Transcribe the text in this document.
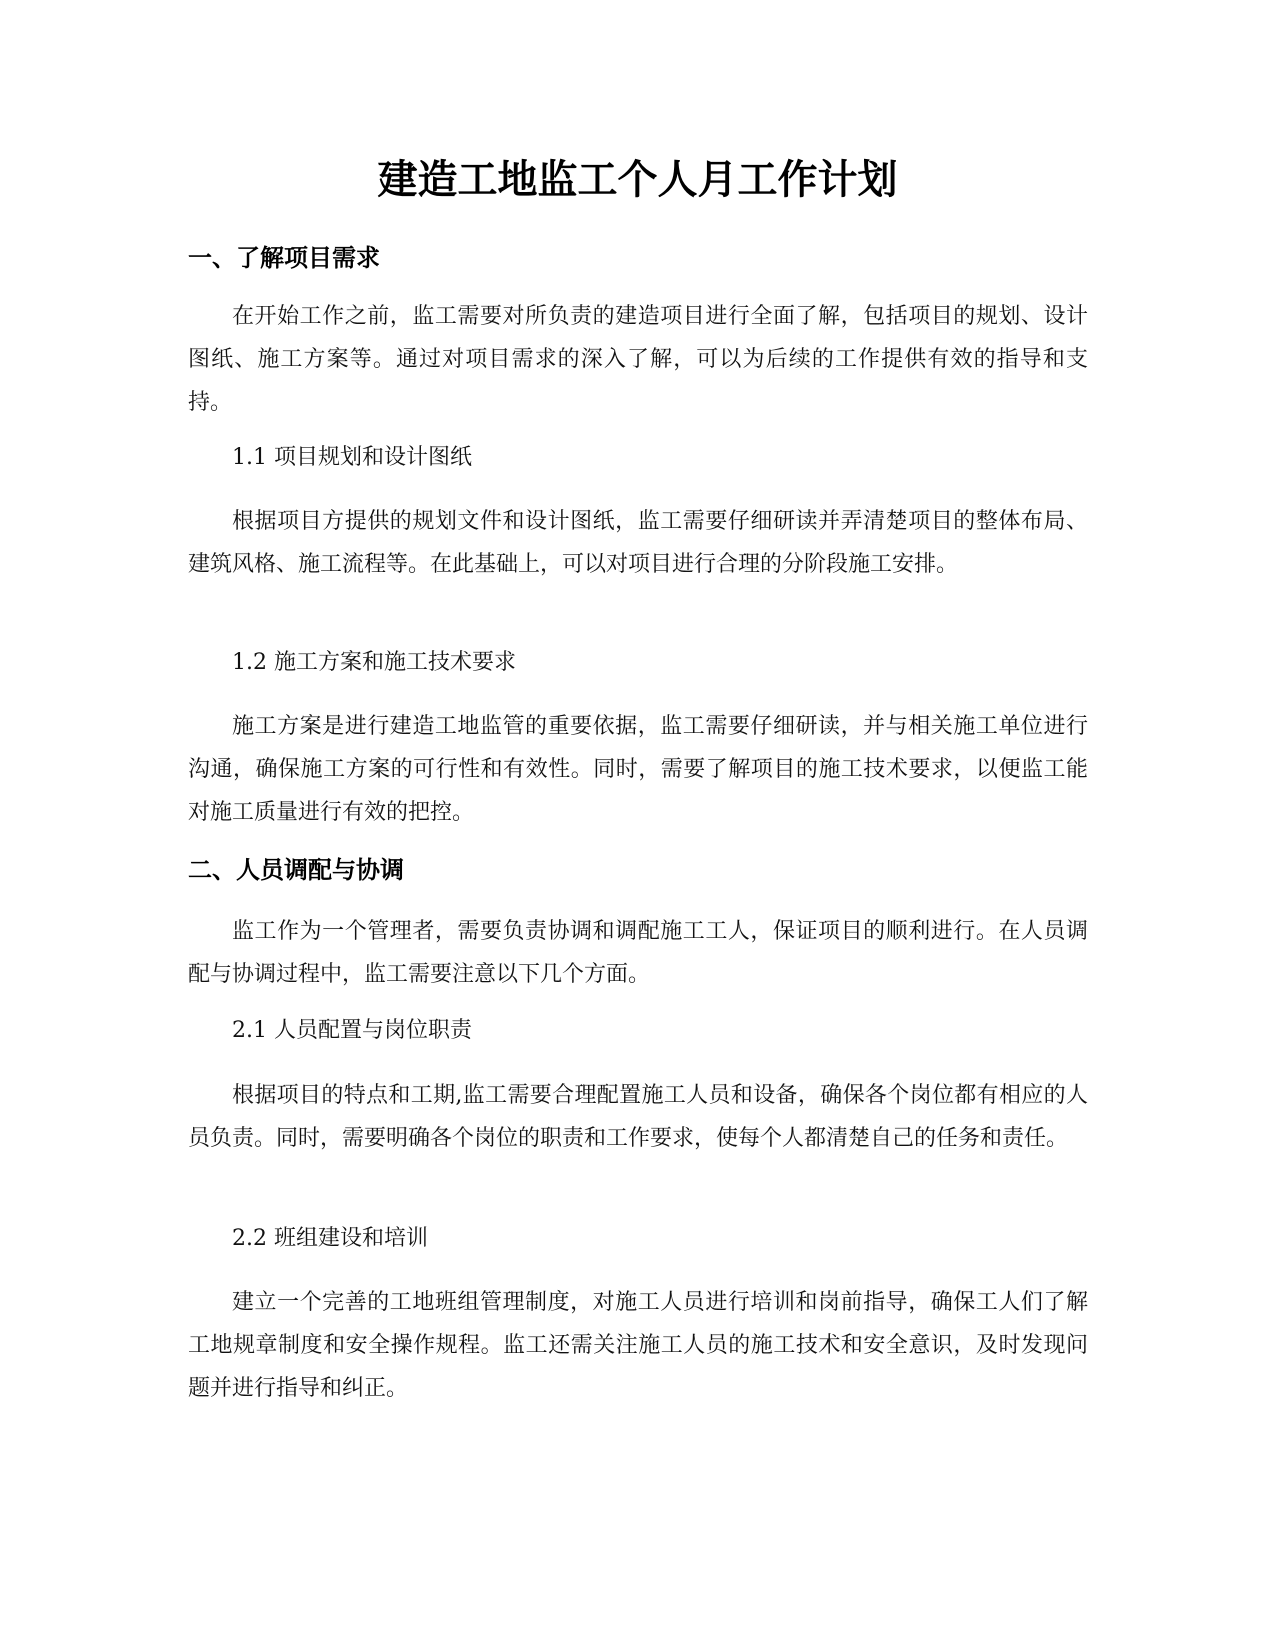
建造工地监工个人月工作计划
一、了解项目需求

在开始工作之前，监工需要对所负责的建造项目进行全面了解，包括项目的规划、设计图纸、施工方案等。通过对项目需求的深入了解，可以为后续的工作提供有效的指导和支持。

1.1 项目规划和设计图纸

根据项目方提供的规划文件和设计图纸，监工需要仔细研读并弄清楚项目的整体布局、建筑风格、施工流程等。在此基础上，可以对项目进行合理的分阶段施工安排。

1.2 施工方案和施工技术要求

施工方案是进行建造工地监管的重要依据，监工需要仔细研读，并与相关施工单位进行沟通，确保施工方案的可行性和有效性。同时，需要了解项目的施工技术要求，以便监工能对施工质量进行有效的把控。

二、人员调配与协调

监工作为一个管理者，需要负责协调和调配施工工人，保证项目的顺利进行。在人员调配与协调过程中，监工需要注意以下几个方面。

2.1 人员配置与岗位职责

根据项目的特点和工期,监工需要合理配置施工人员和设备，确保各个岗位都有相应的人员负责。同时，需要明确各个岗位的职责和工作要求，使每个人都清楚自己的任务和责任。

2.2 班组建设和培训

建立一个完善的工地班组管理制度，对施工人员进行培训和岗前指导，确保工人们了解工地规章制度和安全操作规程。监工还需关注施工人员的施工技术和安全意识，及时发现问题并进行指导和纠正。
